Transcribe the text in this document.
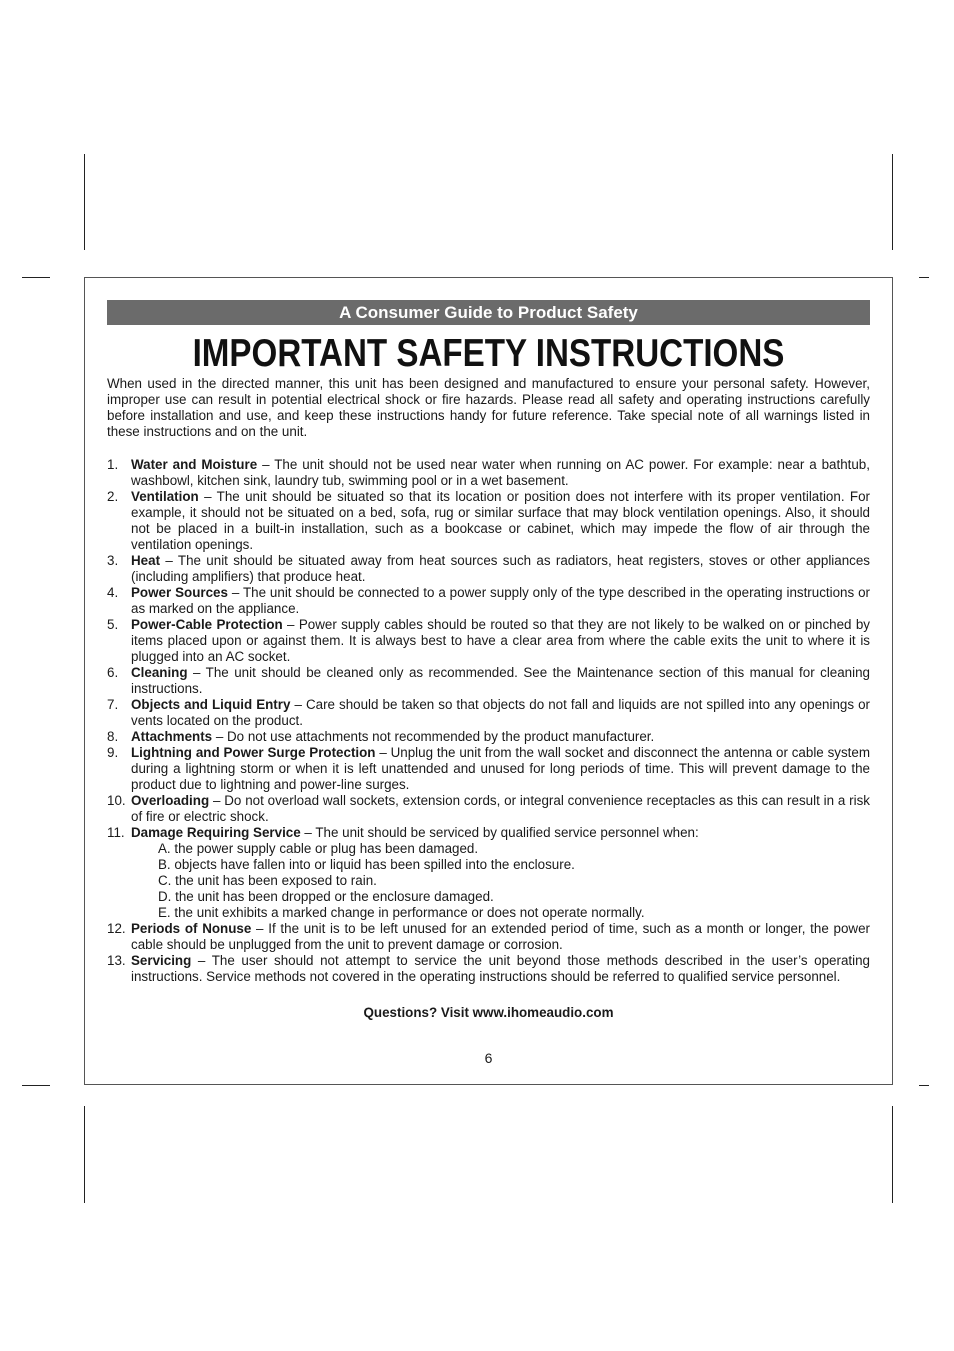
A Consumer Guide to Product Safety
IMPORTANT SAFETY INSTRUCTIONS

When used in the directed manner, this unit has been designed and manufactured to ensure your personal safety. However, improper use can result in potential electrical shock or fire hazards. Please read all safety and operating instructions carefully before installation and use, and keep these instructions handy for future reference. Take special note of all warnings listed in these instructions and on the unit.

1. Water and Moisture – The unit should not be used near water when running on AC power. For example: near a bathtub, washbowl, kitchen sink, laundry tub, swimming pool or in a wet basement.
2. Ventilation – The unit should be situated so that its location or position does not interfere with its proper ventilation. For example, it should not be situated on a bed, sofa, rug or similar surface that may block ventilation openings. Also, it should not be placed in a built-in installation, such as a bookcase or cabinet, which may impede the flow of air through the ventilation openings.
3. Heat – The unit should be situated away from heat sources such as radiators, heat registers, stoves or other appliances (including amplifiers) that produce heat.
4. Power Sources – The unit should be connected to a power supply only of the type described in the operating instructions or as marked on the appliance.
5. Power-Cable Protection – Power supply cables should be routed so that they are not likely to be walked on or pinched by items placed upon or against them. It is always best to have a clear area from where the cable exits the unit to where it is plugged into an AC socket.
6. Cleaning – The unit should be cleaned only as recommended. See the Maintenance section of this manual for cleaning instructions.
7. Objects and Liquid Entry – Care should be taken so that objects do not fall and liquids are not spilled into any openings or vents located on the product.
8. Attachments – Do not use attachments not recommended by the product manufacturer.
9. Lightning and Power Surge Protection – Unplug the unit from the wall socket and disconnect the antenna or cable system during a lightning storm or when it is left unattended and unused for long periods of time. This will prevent damage to the product due to lightning and power-line surges.
10. Overloading – Do not overload wall sockets, extension cords, or integral convenience receptacles as this can result in a risk of fire or electric shock.
11. Damage Requiring Service – The unit should be serviced by qualified service personnel when:
A. the power supply cable or plug has been damaged.
B. objects have fallen into or liquid has been spilled into the enclosure.
C. the unit has been exposed to rain.
D. the unit has been dropped or the enclosure damaged.
E. the unit exhibits a marked change in performance or does not operate normally.
12. Periods of Nonuse – If the unit is to be left unused for an extended period of time, such as a month or longer, the power cable should be unplugged from the unit to prevent damage or corrosion.
13. Servicing – The user should not attempt to service the unit beyond those methods described in the user’s operating instructions. Service methods not covered in the operating instructions should be referred to qualified service personnel.
Questions? Visit www.ihomeaudio.com
6
